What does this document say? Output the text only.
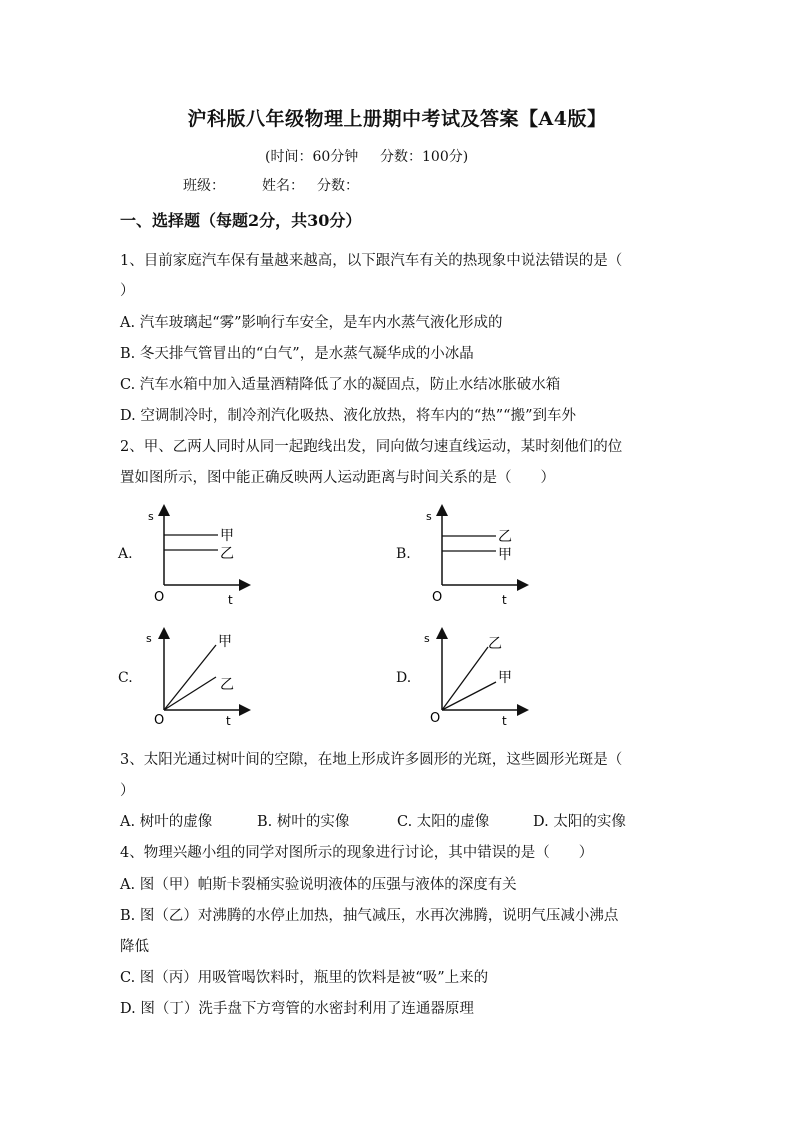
沪科版八年级物理上册期中考试及答案【A4版】
(时间：60分钟 分数：100分)
班级：	姓名： 分数：
一、选择题（每题2分，共30分）
1、目前家庭汽车保有量越来越高，以下跟汽车有关的热现象中说法错误的是（
）
A. 汽车玻璃起“雾”影响行车安全，是车内水蒸气液化形成的
B. 冬天排气管冒出的“白气”，是水蒸气凝华成的小冰晶
C. 汽车水箱中加入适量酒精降低了水的凝固点，防止水结冰胀破水箱
D. 空调制冷时，制冷剂汽化吸热、液化放热，将车内的“热”“搬”到车外
2、甲、乙两人同时从同一起跑线出发，同向做匀速直线运动，某时刻他们的位
置如图所示，图中能正确反映两人运动距离与时间关系的是（　　）
A.
s
t
O
甲
乙	B.
s
t
O
乙
甲
C.
s
t
O
甲
乙	D.
s
t
O
乙
甲
3、太阳光通过树叶间的空隙，在地上形成许多圆形的光斑，这些圆形光斑是（
）
A. 树叶的虚像	B. 树叶的实像	C. 太阳的虚像	D. 太阳的实像
4、物理兴趣小组的同学对图所示的现象进行讨论，其中错误的是（　　）
A. 图（甲）帕斯卡裂桶实验说明液体的压强与液体的深度有关
B. 图（乙）对沸腾的水停止加热，抽气减压，水再次沸腾，说明气压减小沸点
降低
C. 图（丙）用吸管喝饮料时，瓶里的饮料是被“吸”上来的
D. 图（丁）洗手盘下方弯管的水密封利用了连通器原理
